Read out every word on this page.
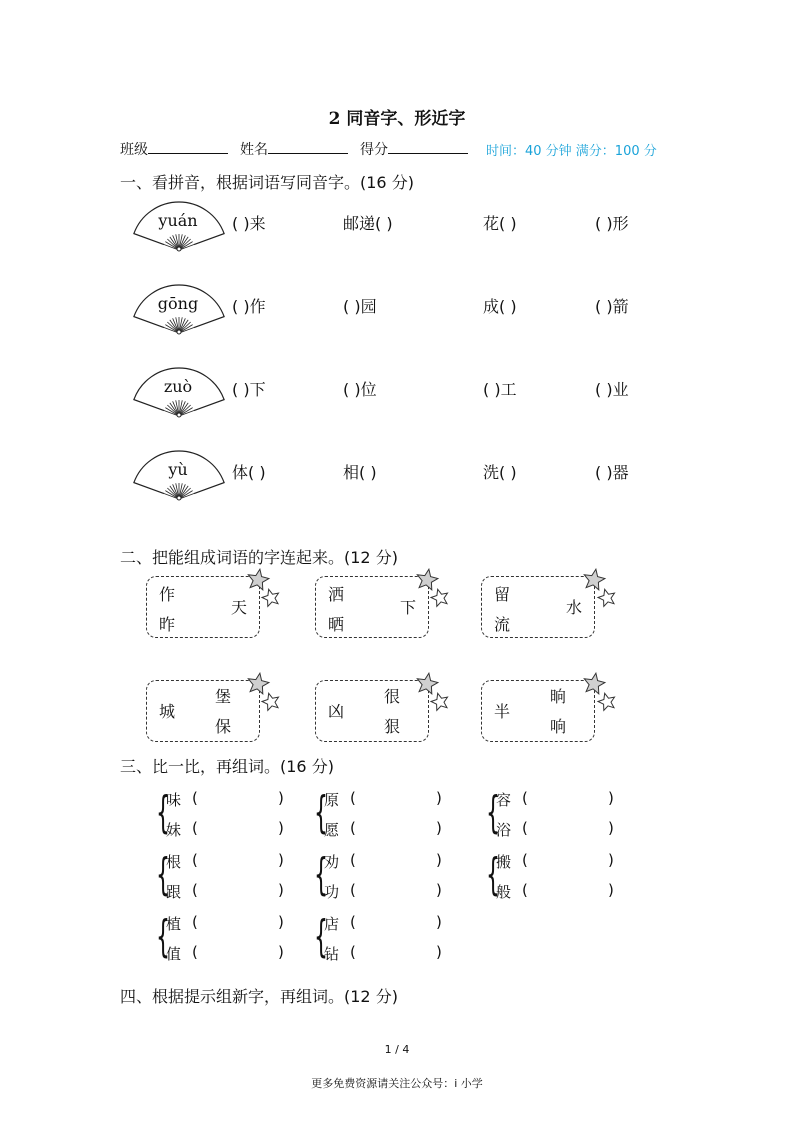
2 同音字、形近字
班级	姓名	得分	时间：40 分钟 满分：100 分
一、看拼音，根据词语写同音字。(16 分)
yuán	( )来	邮递( )	花( )	( )形
gōng	( )作	( )园	成( )	( )箭
zuò	( )下	( )位	( )工	( )业
yù	体( )	相( )	洗( )	( )器
二、把能组成词语的字连起来。(12 分)
作
昨
天
洒
晒
下
留
流
水
城
堡
保
凶
很
狠
半
晌
响
三、比一比，再组词。(16 分)
{
味 (	)
妹 (	) {
原 (	)
愿 (	) {
容 (	)
浴 (	)
{
根 (	)
跟 (	) {
劝 (	)
功 (	) {
搬 (	)
般 (	)
{
植 (	)
值 (	) {
店 (	)
钻 (	)
四、根据提示组新字，再组词。(12 分)
1 / 4
更多免费资源请关注公众号：i 小学
